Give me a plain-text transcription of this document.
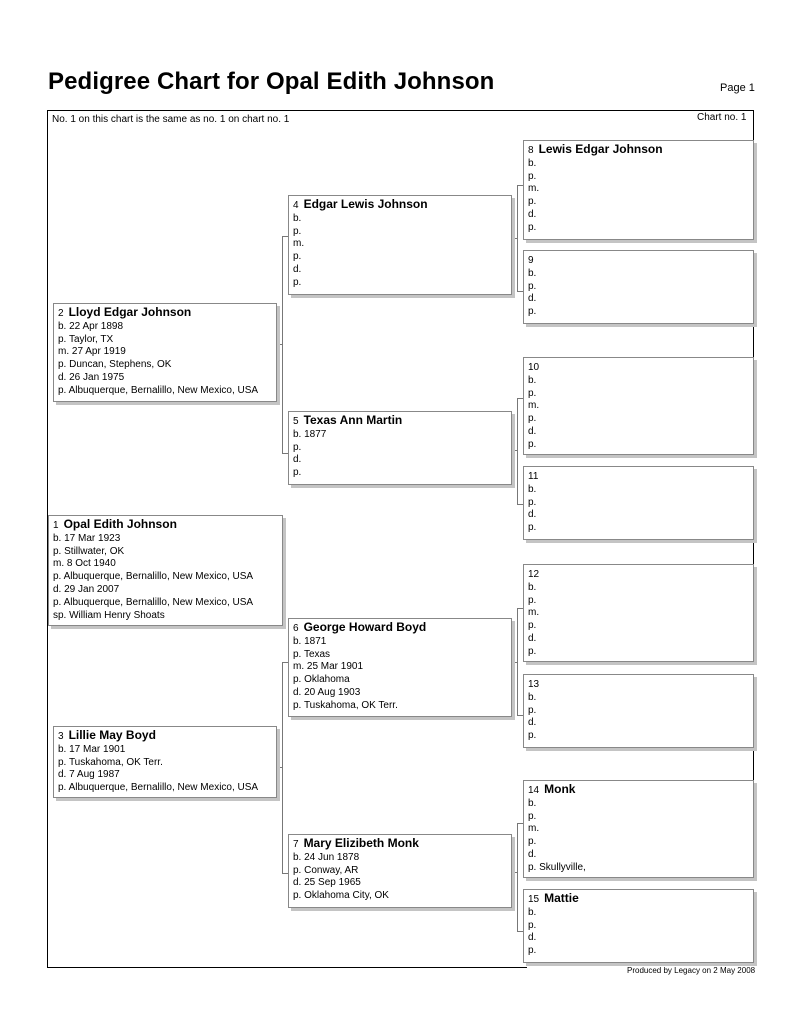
Pedigree Chart for Opal Edith Johnson	Page 1
No. 1 on this chart is the same as no. 1 on chart no. 1	Chart no. 1
1 Opal Edith Johnson
b. 17 Mar 1923
p. Stillwater, OK
m. 8 Oct 1940
p. Albuquerque, Bernalillo, New Mexico, USA
d. 29 Jan 2007
p. Albuquerque, Bernalillo, New Mexico, USA
sp. William Henry Shoats
2 Lloyd Edgar Johnson
b. 22 Apr 1898
p. Taylor, TX
m. 27 Apr 1919
p. Duncan, Stephens, OK
d. 26 Jan 1975
p. Albuquerque, Bernalillo, New Mexico, USA
3 Lillie May Boyd
b. 17 Mar 1901
p. Tuskahoma, OK Terr.
d. 7 Aug 1987
p. Albuquerque, Bernalillo, New Mexico, USA
4 Edgar Lewis Johnson
b.
p.
m.
p.
d.
p.
5 Texas Ann Martin
b. 1877
p.
d.
p.
6 George Howard Boyd
b. 1871
p. Texas
m. 25 Mar 1901
p. Oklahoma
d. 20 Aug 1903
p. Tuskahoma, OK Terr.
7 Mary Elizibeth Monk
b. 24 Jun 1878
p. Conway, AR
d. 25 Sep 1965
p. Oklahoma City, OK
8 Lewis Edgar Johnson
b.
p.
m.
p.
d.
p.
9
b.
p.
d.
p.
10
b.
p.
m.
p.
d.
p.
11
b.
p.
d.
p.
12
b.
p.
m.
p.
d.
p.
13
b.
p.
d.
p.
14 Monk
b.
p.
m.
p.
d.
p. Skullyville,
15 Mattie
b.
p.
d.
p.
Produced by Legacy on 2 May 2008
